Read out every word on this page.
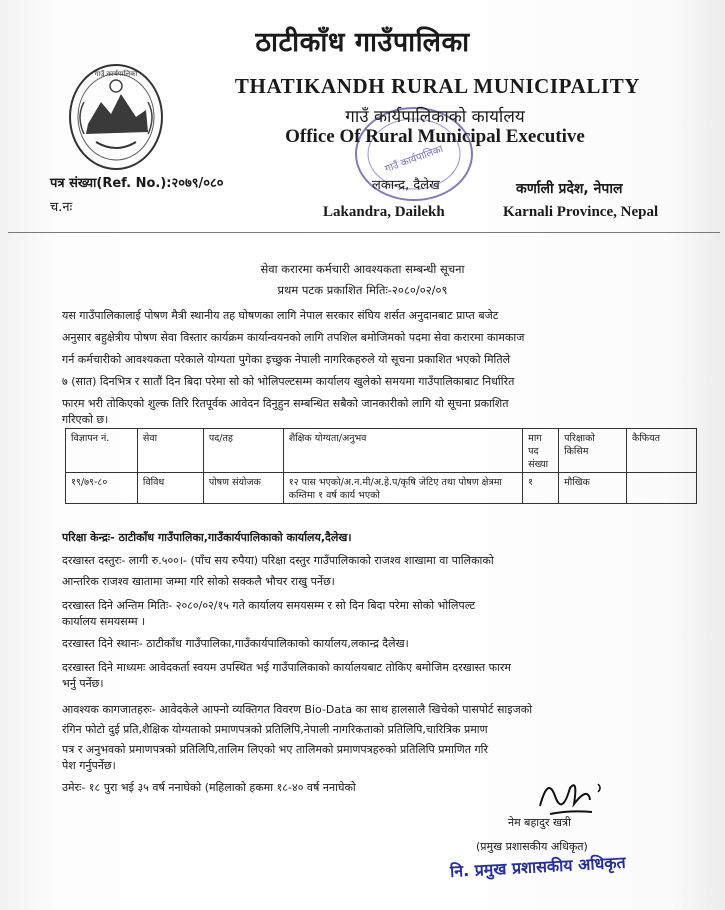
गाउँ कार्यपालिका
गाउँ कार्यपालिका
ठाटीकाँध गाउँपालिका
THATIKANDH RURAL MUNICIPALITY
गाउँ कार्यपालिकाको कार्यालय
Office Of Rural Municipal Executive
पत्र संख्या(Ref. No.):२०७९/०८०
च.नः
लकान्द्र, दैलेख
Lakandra, Dailekh
कर्णाली प्रदेश, नेपाल
Karnali Province, Nepal
सेवा करारमा कर्मचारी आवश्यकता सम्बन्धी सूचना
प्रथम पटक प्रकाशित मितिः-२०८०/०२/०९
यस गाउँपालिकालाई पोषण मैत्री स्थानीय तह घोषणका लागि नेपाल सरकार संघिय शर्सत अनुदानबाट प्राप्त बजेट
अनुसार बहुक्षेत्रीय पोषण सेवा विस्तार कार्यक्रम कार्यान्वयनको लागि तपशिल बमोजिमको पदमा सेवा करारमा कामकाज
गर्न कर्मचारीको आवश्यकता परेकाले योग्यता पुगेका इच्छुक नेपाली नागरिकहरुले यो सूचना प्रकाशित भएको मितिले
७ (सात) दिनभित्र र सातौं दिन बिदा परेमा सो को भोलिपल्टसम्म कार्यालय खुलेको समयमा गाउँपालिकाबाट निर्धारित
फारम भरी तोकिएको शुल्क तिरि रितपूर्वक आवेदन दिनुहुन सम्बन्धित सबैको जानकारीको लागि यो सूचना प्रकाशित
गरिएको छ।
विज्ञापन नं.	सेवा	पद/तह	शैक्षिक योग्यता/अनुभव	माग पद संख्या	परिक्षाको किसिम	कैफियत
१९/७९-८०	विविध	पोषण संयोजक	१२ पास भएको/अ.न.मी/अ.हे.प/कृषि जेटिए तथा पोषण क्षेत्रमा कम्तिमा १ वर्ष कार्य भएको	१	मौखिक	
परिक्षा केन्द्रः- ठाटीकाँध गाउँपालिका,गाउँकार्यपालिकाको कार्यालय,दैलेख।
दरखास्त दस्तुरः- लागी रु.५००।- (पाँच सय रुपैया) परिक्षा दस्तुर गाउँपालिकाको राजश्व शाखामा वा पालिकाको
आन्तरिक राजश्व खातामा जम्मा गरि सोको सक्कलै भौचर राखु पर्नेछ।
दरखास्त दिने अन्तिम मितिः- २०८०/०२/१५ गते कार्यालय समयसम्म र सो दिन बिदा परेमा सोको भोलिपल्ट
कार्यालय समयसम्म ।
दरखास्त दिने स्थानः- ठाटीकाँध गाउँपालिका,गाउँकार्यपालिकाको कार्यालय,लकान्द्र दैलेख।
दरखास्त दिने माध्यमः आवेदकर्ता स्वयम उपस्थित भई गाउँपालिकाको कार्यालयबाट तोकिए बमोजिम दरखास्त फारम
भर्नु पर्नेछ।
आवश्यक कागजातहरुः- आवेदकेले आफ्नो व्यक्तिगत विवरण Bio-Data का साथ हालसालै खिचेको पासपोर्ट साइजको
रंगिन फोटो दुई प्रति,शैक्षिक योग्यताको प्रमाणपत्रको प्रतिलिपि,नेपाली नागरिकताको प्रतिलिपि,चारित्रिक प्रमाण
पत्र र अनुभवको प्रमाणपत्रको प्रतिलिपि,तालिम लिएको भए तालिमको प्रमाणपत्रहरुको प्रतिलिपि प्रमाणित गरि
पेश गर्नुपर्नेछ।
उमेरः- १८ पुरा भई ३५ वर्ष ननाघेको (महिलाको हकमा १८-४० वर्ष ननाघेको
नेम बहादुर खत्री
(प्रमुख प्रशासकीय अधिकृत)
नि. प्रमुख प्रशासकीय अधिकृत
